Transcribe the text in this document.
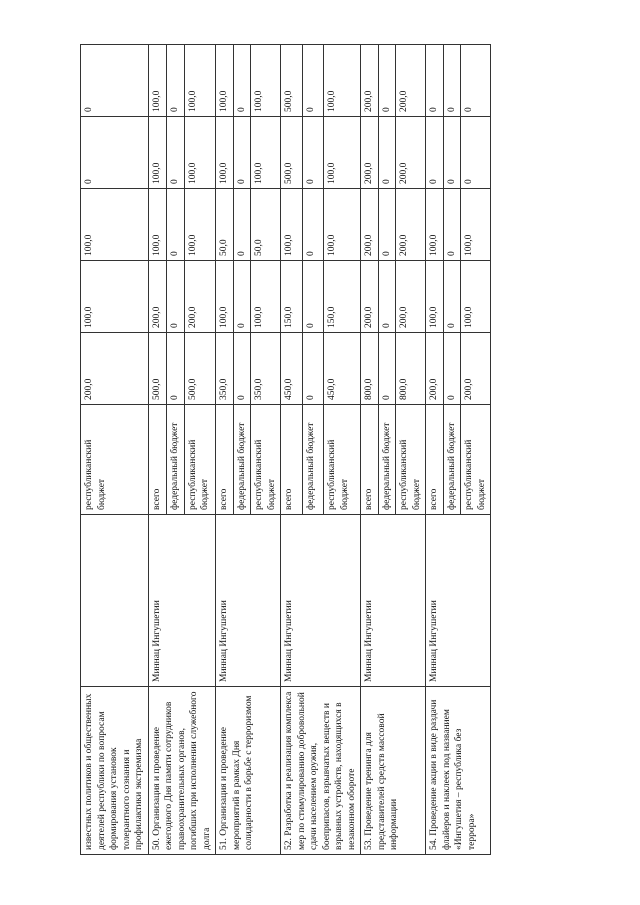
известных политиков и общественных деятелей республики по вопросам формирования установок толерантного сознания и профилактики экстремизма		республиканский бюджет	200,0	100,0	100,0	0	0
50. Организация и проведение ежегодного Дня памяти сотрудников правоохранительных органов, погибших при исполнении служебного долга	Миннац Ингушетии	всего	500,0	200,0	100,0	100,0	100,0
		федеральный бюджет	0	0	0	0	0
		республиканский бюджет	500,0	200,0	100,0	100,0	100,0
51. Организация и проведение мероприятий в рамках Дня солидарности в борьбе с терроризмом	Миннац Ингушетии	всего	350,0	100,0	50,0	100,0	100,0
		федеральный бюджет	0	0	0	0	0
		республиканский бюджет	350,0	100,0	50,0	100,0	100,0
52. Разработка и реализация комплекса мер по стимулированию добровольной сдачи населением оружия, боеприпасов, взрывчатых веществ и взрывных устройств, находящихся в незаконном обороте	Миннац Ингушетии	всего	450,0	150,0	100,0	500,0	500,0
		федеральный бюджет	0	0	0	0	0
		республиканский бюджет	450,0	150,0	100,0	100,0	100,0
53. Проведение тренинга для представителей средств массовой информации	Миннац Ингушетии	всего	800,0	200,0	200,0	200,0	200,0
		федеральный бюджет	0	0	0	0	0
		республиканский бюджет	800,0	200,0	200,0	200,0	200,0
54. Проведение акции в виде раздачи флайеров и наклеек под названием «Ингушетия – республика без террора»	Миннац Ингушетии	всего	200,0	100,0	100,0	0	0
		федеральный бюджет	0	0	0	0	0
		республиканский бюджет	200,0	100,0	100,0	0	0
